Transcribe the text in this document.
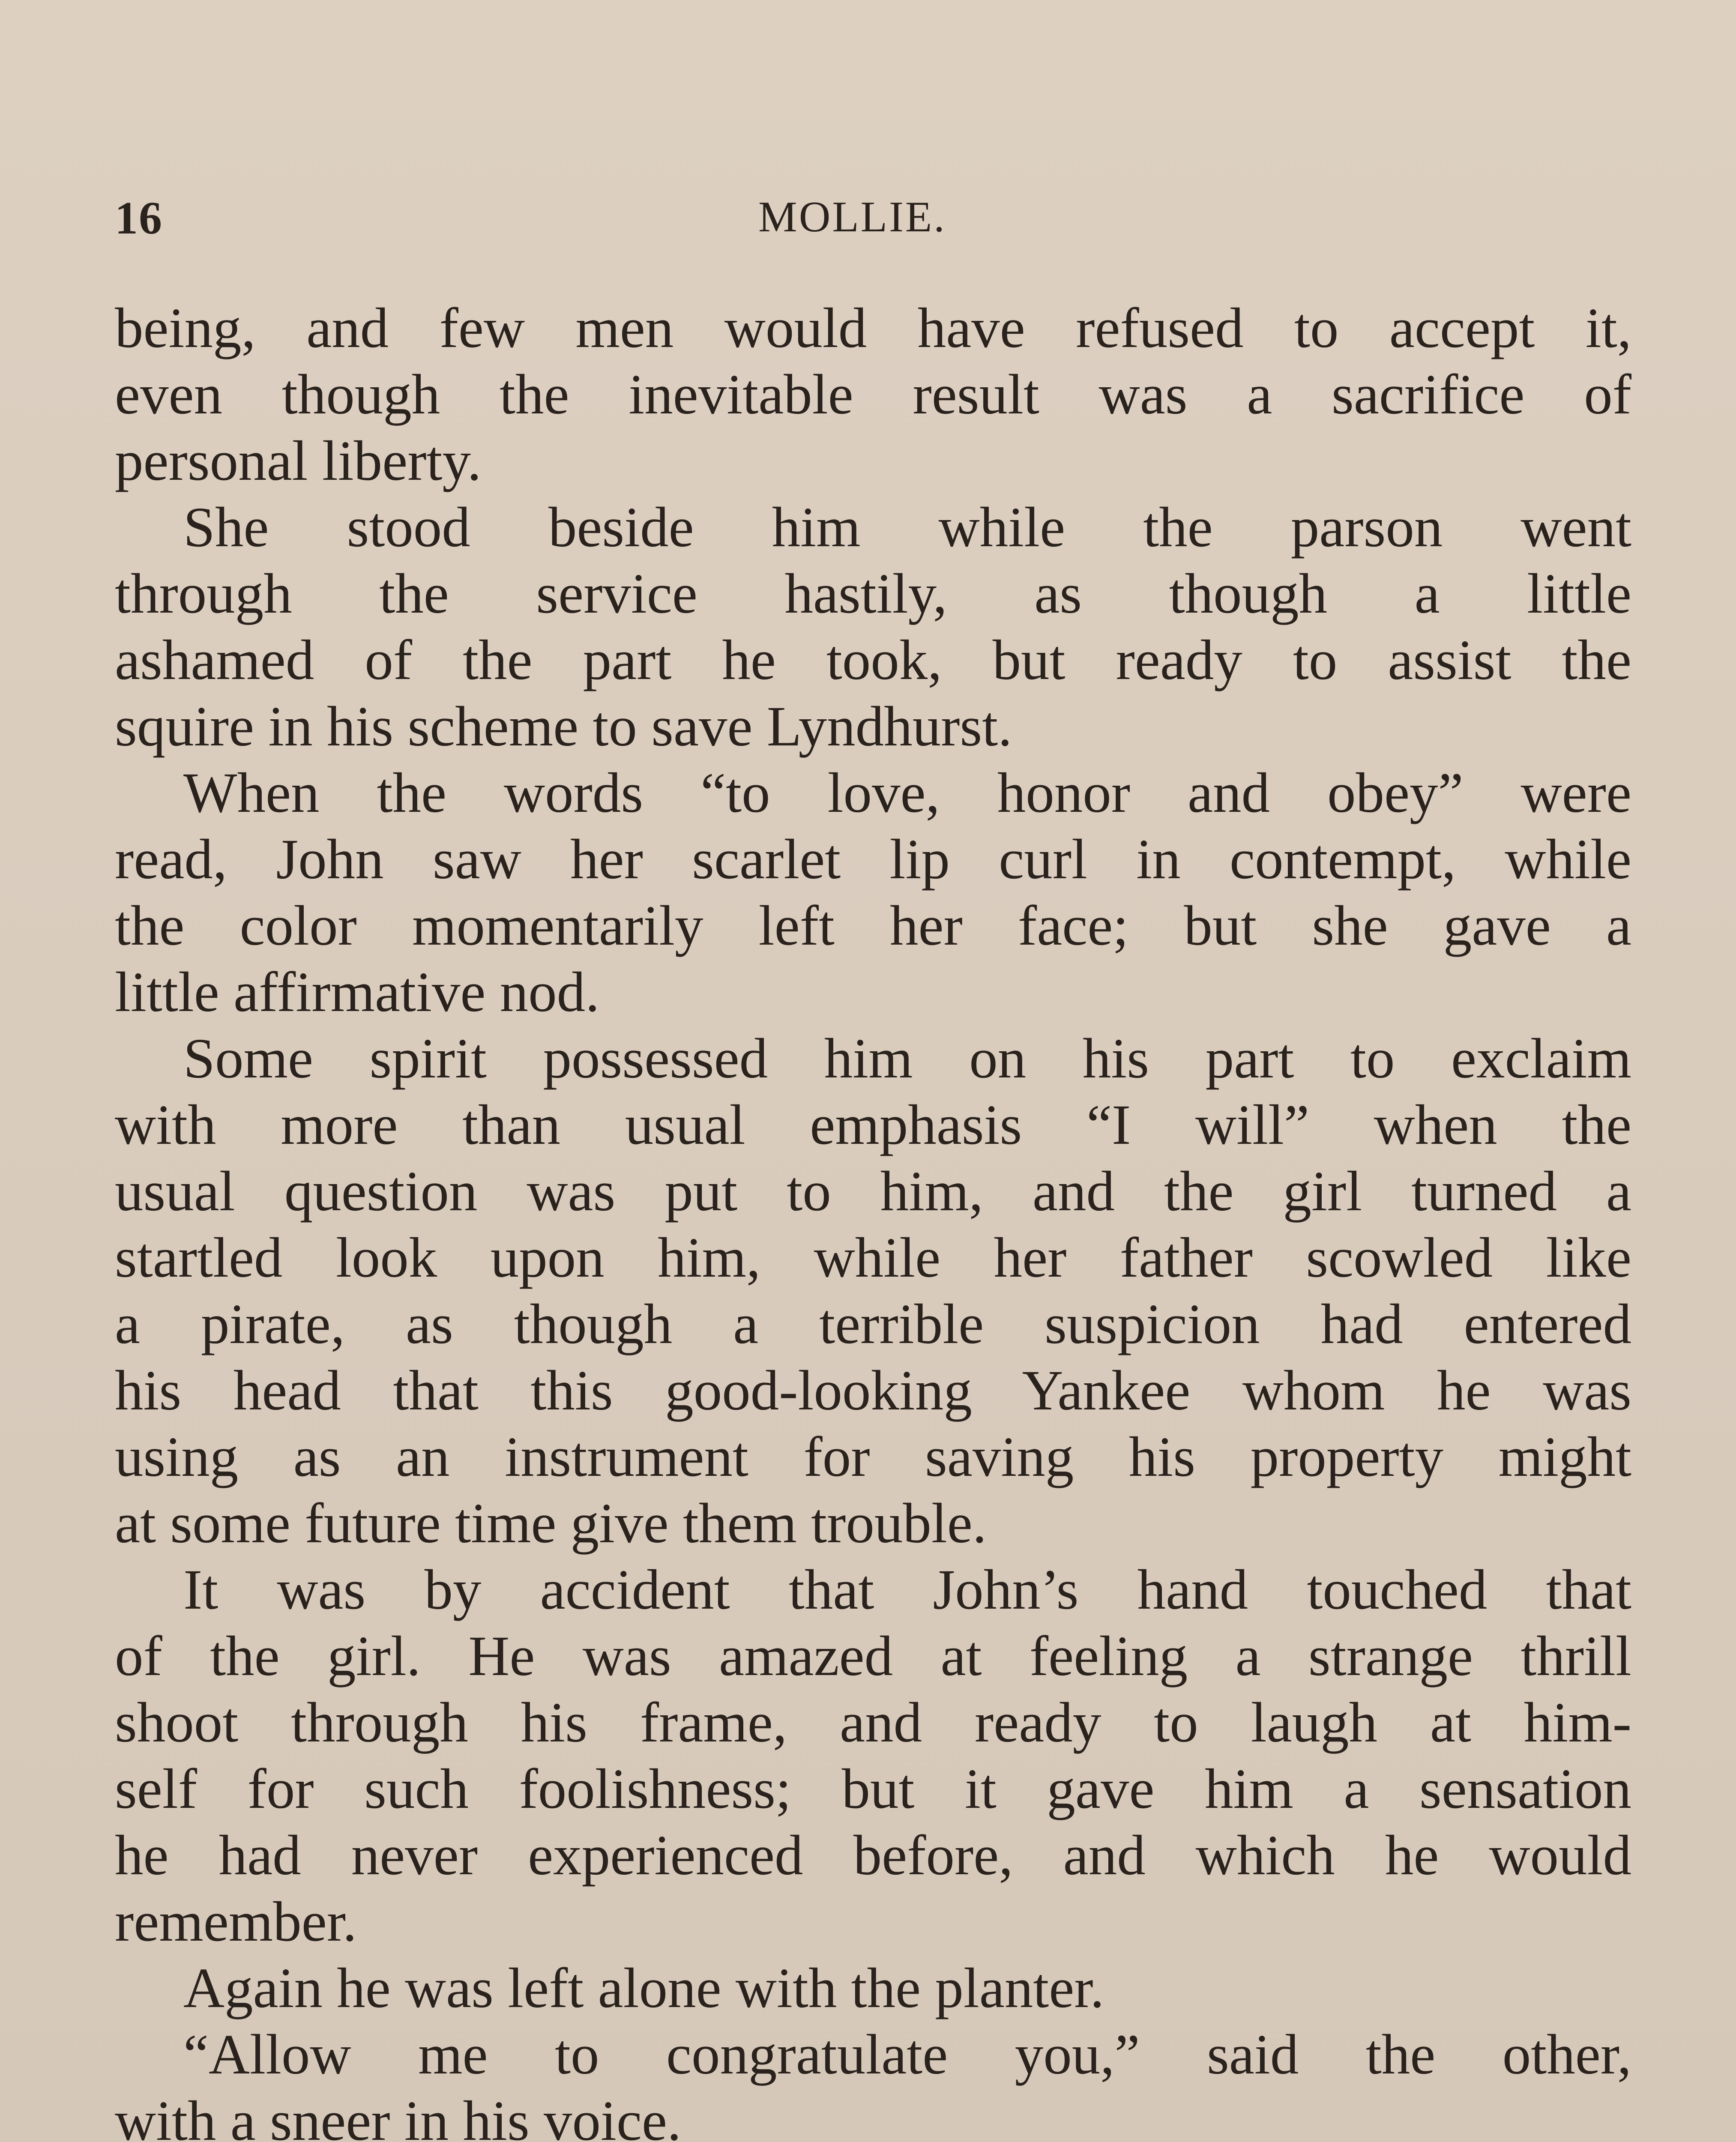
16	MOLLIE.
being, and few men would have refused to accept it,
even though the inevitable result was a sacrifice of
personal liberty.
She stood beside him while the parson went
through the service hastily, as though a little
ashamed of the part he took, but ready to assist the
squire in his scheme to save Lyndhurst.
When the words “to love, honor and obey” were
read, John saw her scarlet lip curl in contempt, while
the color momentarily left her face; but she gave a
little affirmative nod.
Some spirit possessed him on his part to exclaim
with more than usual emphasis “I will” when the
usual question was put to him, and the girl turned a
startled look upon him, while her father scowled like
a pirate, as though a terrible suspicion had entered
his head that this good-looking Yankee whom he was
using as an instrument for saving his property might
at some future time give them trouble.
It was by accident that John’s hand touched that
of the girl. He was amazed at feeling a strange thrill
shoot through his frame, and ready to laugh at him-
self for such foolishness; but it gave him a sensation
he had never experienced before, and which he would
remember.
Again he was left alone with the planter.
“Allow me to congratulate you,” said the other,
with a sneer in his voice.
